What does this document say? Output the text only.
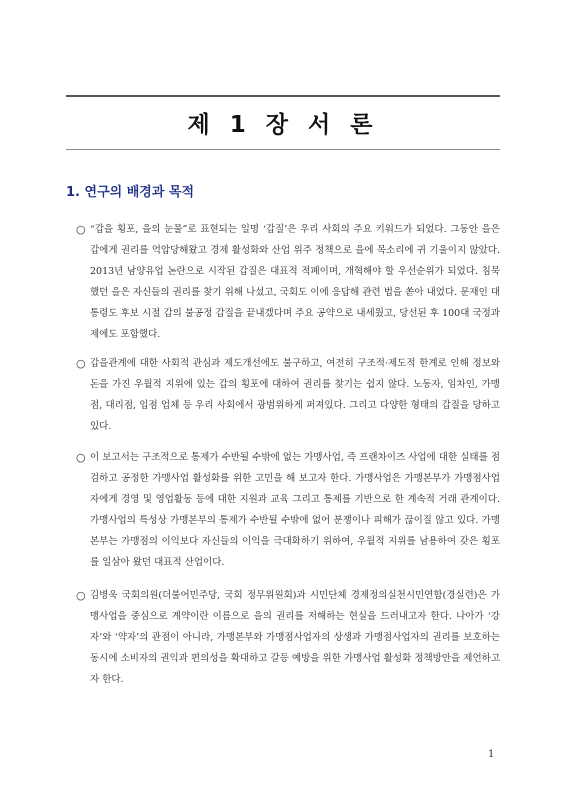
제 1 장 서 론
1. 연구의 배경과 목적
○ “갑을 횡포, 을의 눈물”로 표현되는 일명 ‘갑질’은 우리 사회의 주요 키워드가 되었다. 그동안 을은 갑에게 권리를 억압당해왔고 경제 활성화와 산업 위주 정책으로 을에 목소리에 귀 기울이지 않았다. 2013년 남양유업 논란으로 시작된 갑질은 대표적 적폐이며, 개혁해야 할 우선순위가 되었다. 침묵했던 을은 자신들의 권리를 찾기 위해 나섰고, 국회도 이에 응답해 관련 법을 쏟아 내었다. 문재인 대통령도 후보 시절 갑의 불공정 갑질을 끝내겠다며 주요 공약으로 내세웠고, 당선된 후 100대 국정과제에도 포함했다.
○ 갑을관계에 대한 사회적 관심과 제도개선에도 불구하고, 여전히 구조적·제도적 한계로 인해 정보와 돈을 가진 우월적 지위에 있는 갑의 횡포에 대하여 권리를 찾기는 쉽지 않다. 노동자, 임차인, 가맹점, 대리점, 입점 업체 등 우리 사회에서 광범위하게 퍼져있다. 그리고 다양한 형태의 갑질을 당하고 있다.
○ 이 보고서는 구조적으로 통제가 수반될 수밖에 없는 가맹사업, 즉 프랜차이즈 사업에 대한 실태를 점검하고 공정한 가맹사업 활성화를 위한 고민을 해 보고자 한다. 가맹사업은 가맹본부가 가맹점사업자에게 경영 및 영업활동 등에 대한 지원과 교육 그리고 통제를 기반으로 한 계속적 거래 관계이다. 가맹사업의 특성상 가맹본부의 통제가 수반될 수밖에 없어 분쟁이나 피해가 끊이질 않고 있다. 가맹본부는 가맹점의 이익보다 자신들의 이익을 극대화하기 위하여, 우월적 지위를 남용하여 갖은 횡포를 일삼아 왔던 대표적 산업이다.
○ 김병욱 국회의원(더불어민주당, 국회 정무위원회)과 시민단체 경제정의실천시민연합(경실련)은 가맹사업을 중심으로 계약이란 이름으로 을의 권리를 저해하는 현실을 드러내고자 한다. 나아가 ‘강자’와 ‘약자’의 관점이 아니라, 가맹본부와 가맹점사업자의 상생과 가맹점사업자의 권리를 보호하는 동시에 소비자의 권익과 편의성을 확대하고 갈등 예방을 위한 가맹사업 활성화 정책방안을 제언하고자 한다.
1
